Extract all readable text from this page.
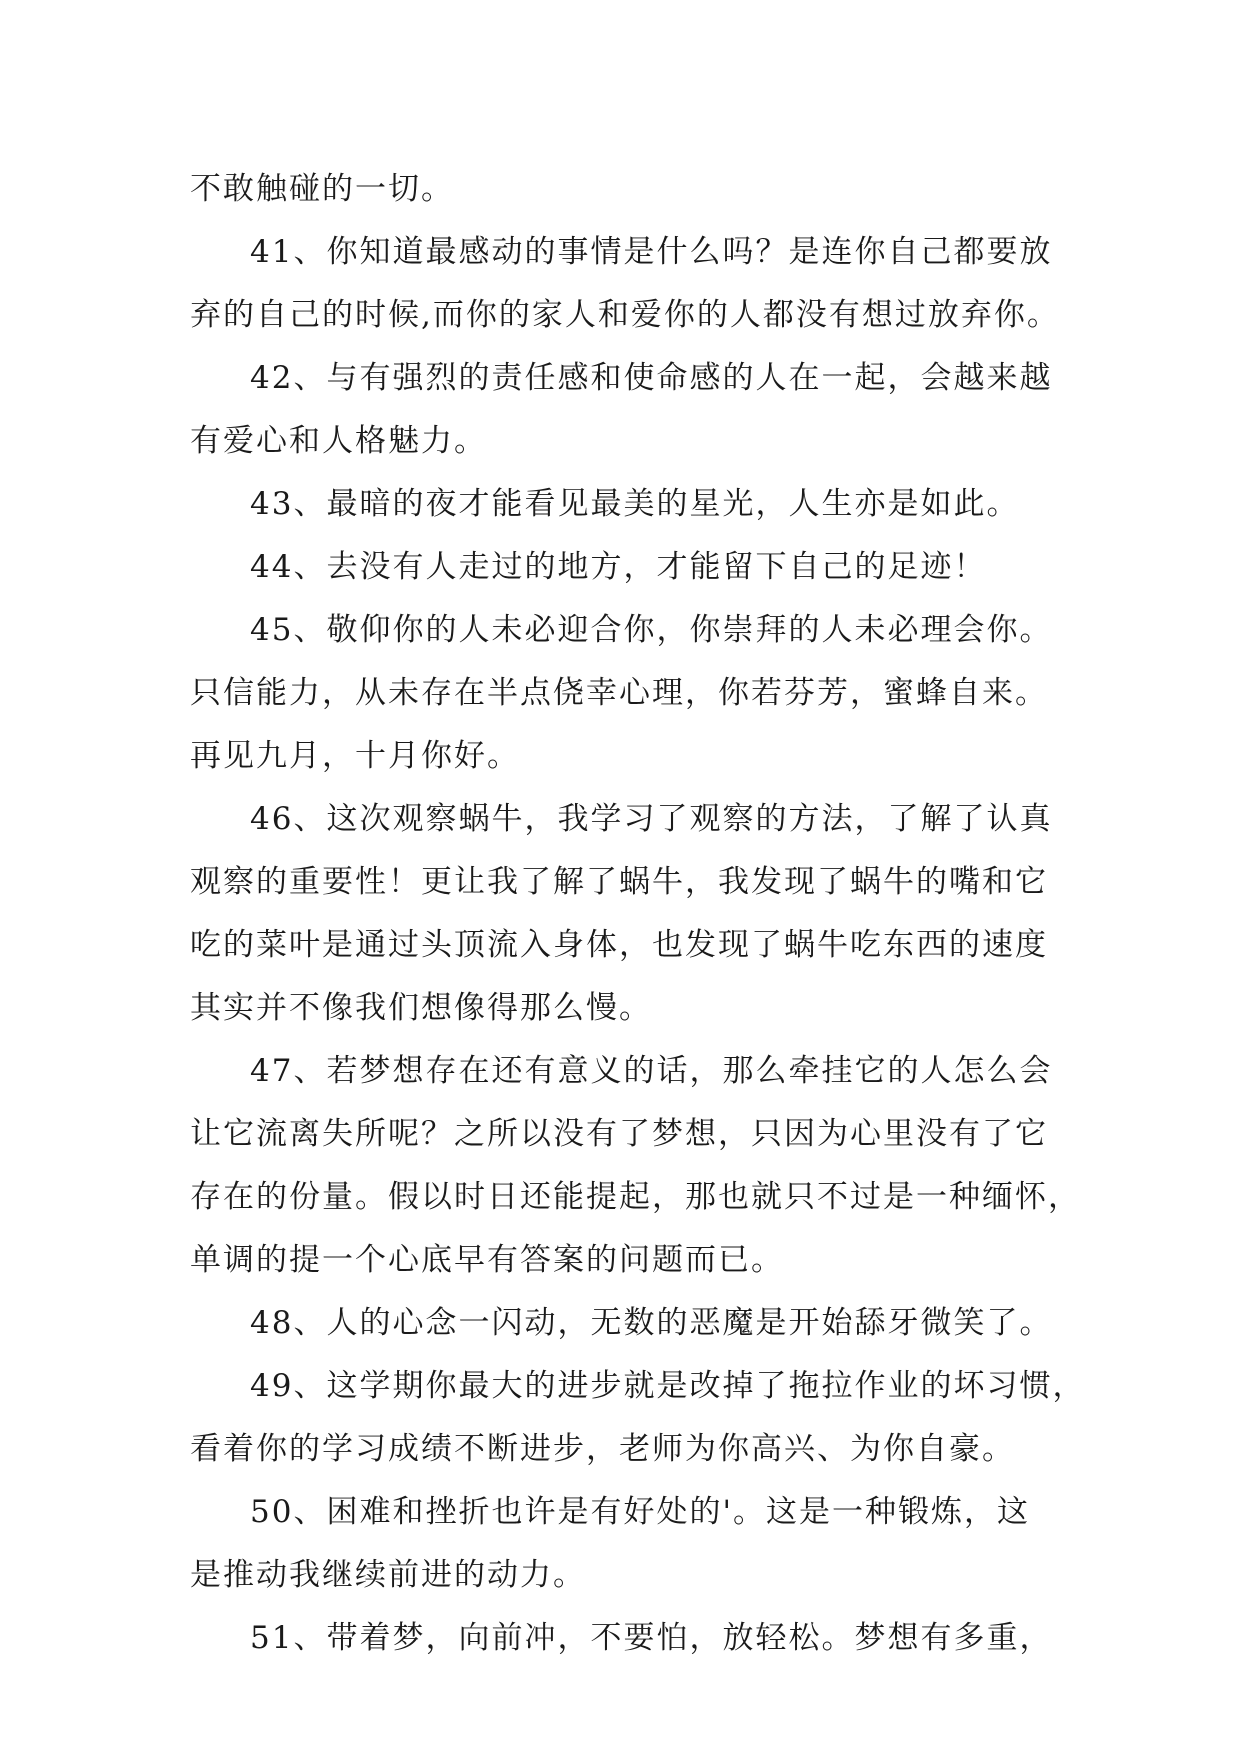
不敢触碰的一切。
41、你知道最感动的事情是什么吗？是连你自己都要放
弃的自己的时候,而你的家人和爱你的人都没有想过放弃你。
42、与有强烈的责任感和使命感的人在一起，会越来越
有爱心和人格魅力。
43、最暗的夜才能看见最美的星光，人生亦是如此。
44、去没有人走过的地方，才能留下自己的足迹！
45、敬仰你的人未必迎合你，你崇拜的人未必理会你。
只信能力，从未存在半点侥幸心理，你若芬芳，蜜蜂自来。
再见九月，十月你好。
46、这次观察蜗牛，我学习了观察的方法，了解了认真
观察的重要性！更让我了解了蜗牛，我发现了蜗牛的嘴和它
吃的菜叶是通过头顶流入身体，也发现了蜗牛吃东西的速度
其实并不像我们想像得那么慢。
47、若梦想存在还有意义的话，那么牵挂它的人怎么会
让它流离失所呢？之所以没有了梦想，只因为心里没有了它
存在的份量。假以时日还能提起，那也就只不过是一种缅怀，
单调的提一个心底早有答案的问题而已。
48、人的心念一闪动，无数的恶魔是开始舔牙微笑了。
49、这学期你最大的进步就是改掉了拖拉作业的坏习惯，
看着你的学习成绩不断进步，老师为你高兴、为你自豪。
50、困难和挫折也许是有好处的'。这是一种锻炼，这
是推动我继续前进的动力。
51、带着梦，向前冲，不要怕，放轻松。梦想有多重，
